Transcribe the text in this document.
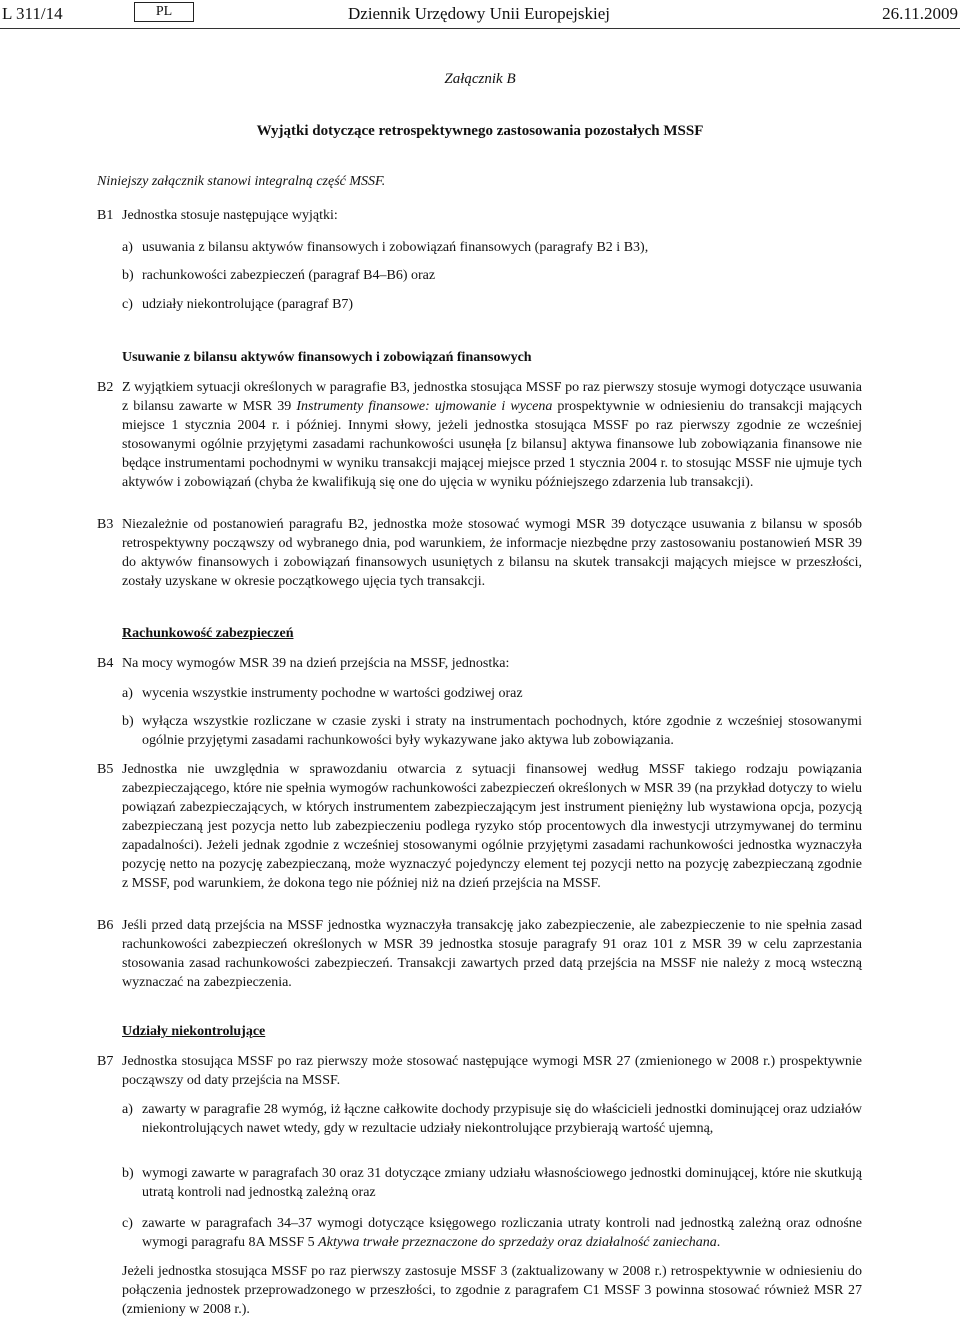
L 311/14	PL	Dziennik Urzędowy Unii Europejskiej	26.11.2009
Załącznik B
Wyjątki dotyczące retrospektywnego zastosowania pozostałych MSSF
Niniejszy załącznik stanowi integralną część MSSF.
B1 Jednostka stosuje następujące wyjątki:
a) usuwania z bilansu aktywów finansowych i zobowiązań finansowych (paragrafy B2 i B3),
b) rachunkowości zabezpieczeń (paragraf B4–B6) oraz
c) udziały niekontrolujące (paragraf B7)
Usuwanie z bilansu aktywów finansowych i zobowiązań finansowych
B2 Z wyjątkiem sytuacji określonych w paragrafie B3, jednostka stosująca MSSF po raz pierwszy stosuje wymogi dotyczące usuwania z bilansu zawarte w MSR 39 Instrumenty finansowe: ujmowanie i wycena prospektywnie w odniesieniu do transakcji mających miejsce 1 stycznia 2004 r. i później. Innymi słowy, jeżeli jednostka stosująca MSSF po raz pierwszy zgodnie ze wcześniej stosowanymi ogólnie przyjętymi zasadami rachunkowości usunęła [z bilansu] aktywa finansowe lub zobowiązania finansowe nie będące instrumentami pochodnymi w wyniku transakcji mającej miejsce przed 1 stycznia 2004 r. to stosując MSSF nie ujmuje tych aktywów i zobowiązań (chyba że kwalifikują się one do ujęcia w wyniku późniejszego zdarzenia lub transakcji).
B3 Niezależnie od postanowień paragrafu B2, jednostka może stosować wymogi MSR 39 dotyczące usuwania z bilansu w sposób retrospektywny począwszy od wybranego dnia, pod warunkiem, że informacje niezbędne przy zastosowaniu postanowień MSR 39 do aktywów finansowych i zobowiązań finansowych usuniętych z bilansu na skutek transakcji mających miejsce w przeszłości, zostały uzyskane w okresie początkowego ujęcia tych transakcji.
Rachunkowość zabezpieczeń
B4 Na mocy wymogów MSR 39 na dzień przejścia na MSSF, jednostka:
a) wycenia wszystkie instrumenty pochodne w wartości godziwej oraz
b) wyłącza wszystkie rozliczane w czasie zyski i straty na instrumentach pochodnych, które zgodnie z wcześniej stosowanymi ogólnie przyjętymi zasadami rachunkowości były wykazywane jako aktywa lub zobowiązania.
B5 Jednostka nie uwzględnia w sprawozdaniu otwarcia z sytuacji finansowej według MSSF takiego rodzaju powiązania zabezpieczającego, które nie spełnia wymogów rachunkowości zabezpieczeń określonych w MSR 39 (na przykład dotyczy to wielu powiązań zabezpieczających, w których instrumentem zabezpieczającym jest instrument pieniężny lub wystawiona opcja, pozycją zabezpieczaną jest pozycja netto lub zabezpieczeniu podlega ryzyko stóp procentowych dla inwestycji utrzymywanej do terminu zapadalności). Jeżeli jednak zgodnie z wcześniej stosowanymi ogólnie przyjętymi zasadami rachunkowości jednostka wyznaczyła pozycję netto na pozycję zabezpieczaną, może wyznaczyć pojedynczy element tej pozycji netto na pozycję zabezpieczaną zgodnie z MSSF, pod warunkiem, że dokona tego nie później niż na dzień przejścia na MSSF.
B6 Jeśli przed datą przejścia na MSSF jednostka wyznaczyła transakcję jako zabezpieczenie, ale zabezpieczenie to nie spełnia zasad rachunkowości zabezpieczeń określonych w MSR 39 jednostka stosuje paragrafy 91 oraz 101 z MSR 39 w celu zaprzestania stosowania zasad rachunkowości zabezpieczeń. Transakcji zawartych przed datą przejścia na MSSF nie należy z mocą wsteczną wyznaczać na zabezpieczenia.
Udziały niekontrolujące
B7 Jednostka stosująca MSSF po raz pierwszy może stosować następujące wymogi MSR 27 (zmienionego w 2008 r.) prospektywnie począwszy od daty przejścia na MSSF.
a) zawarty w paragrafie 28 wymóg, iż łączne całkowite dochody przypisuje się do właścicieli jednostki dominującej oraz udziałów niekontrolujących nawet wtedy, gdy w rezultacie udziały niekontrolujące przybierają wartość ujemną,
b) wymogi zawarte w paragrafach 30 oraz 31 dotyczące zmiany udziału własnościowego jednostki dominującej, które nie skutkują utratą kontroli nad jednostką zależną oraz
c) zawarte w paragrafach 34–37 wymogi dotyczące księgowego rozliczania utraty kontroli nad jednostką zależną oraz odnośne wymogi paragrafu 8A MSSF 5 Aktywa trwałe przeznaczone do sprzedaży oraz działalność zaniechana.
Jeżeli jednostka stosująca MSSF po raz pierwszy zastosuje MSSF 3 (zaktualizowany w 2008 r.) retrospektywnie w odniesieniu do połączenia jednostek przeprowadzonego w przeszłości, to zgodnie z paragrafem C1 MSSF 3 powinna stosować również MSR 27 (zmieniony w 2008 r.).
